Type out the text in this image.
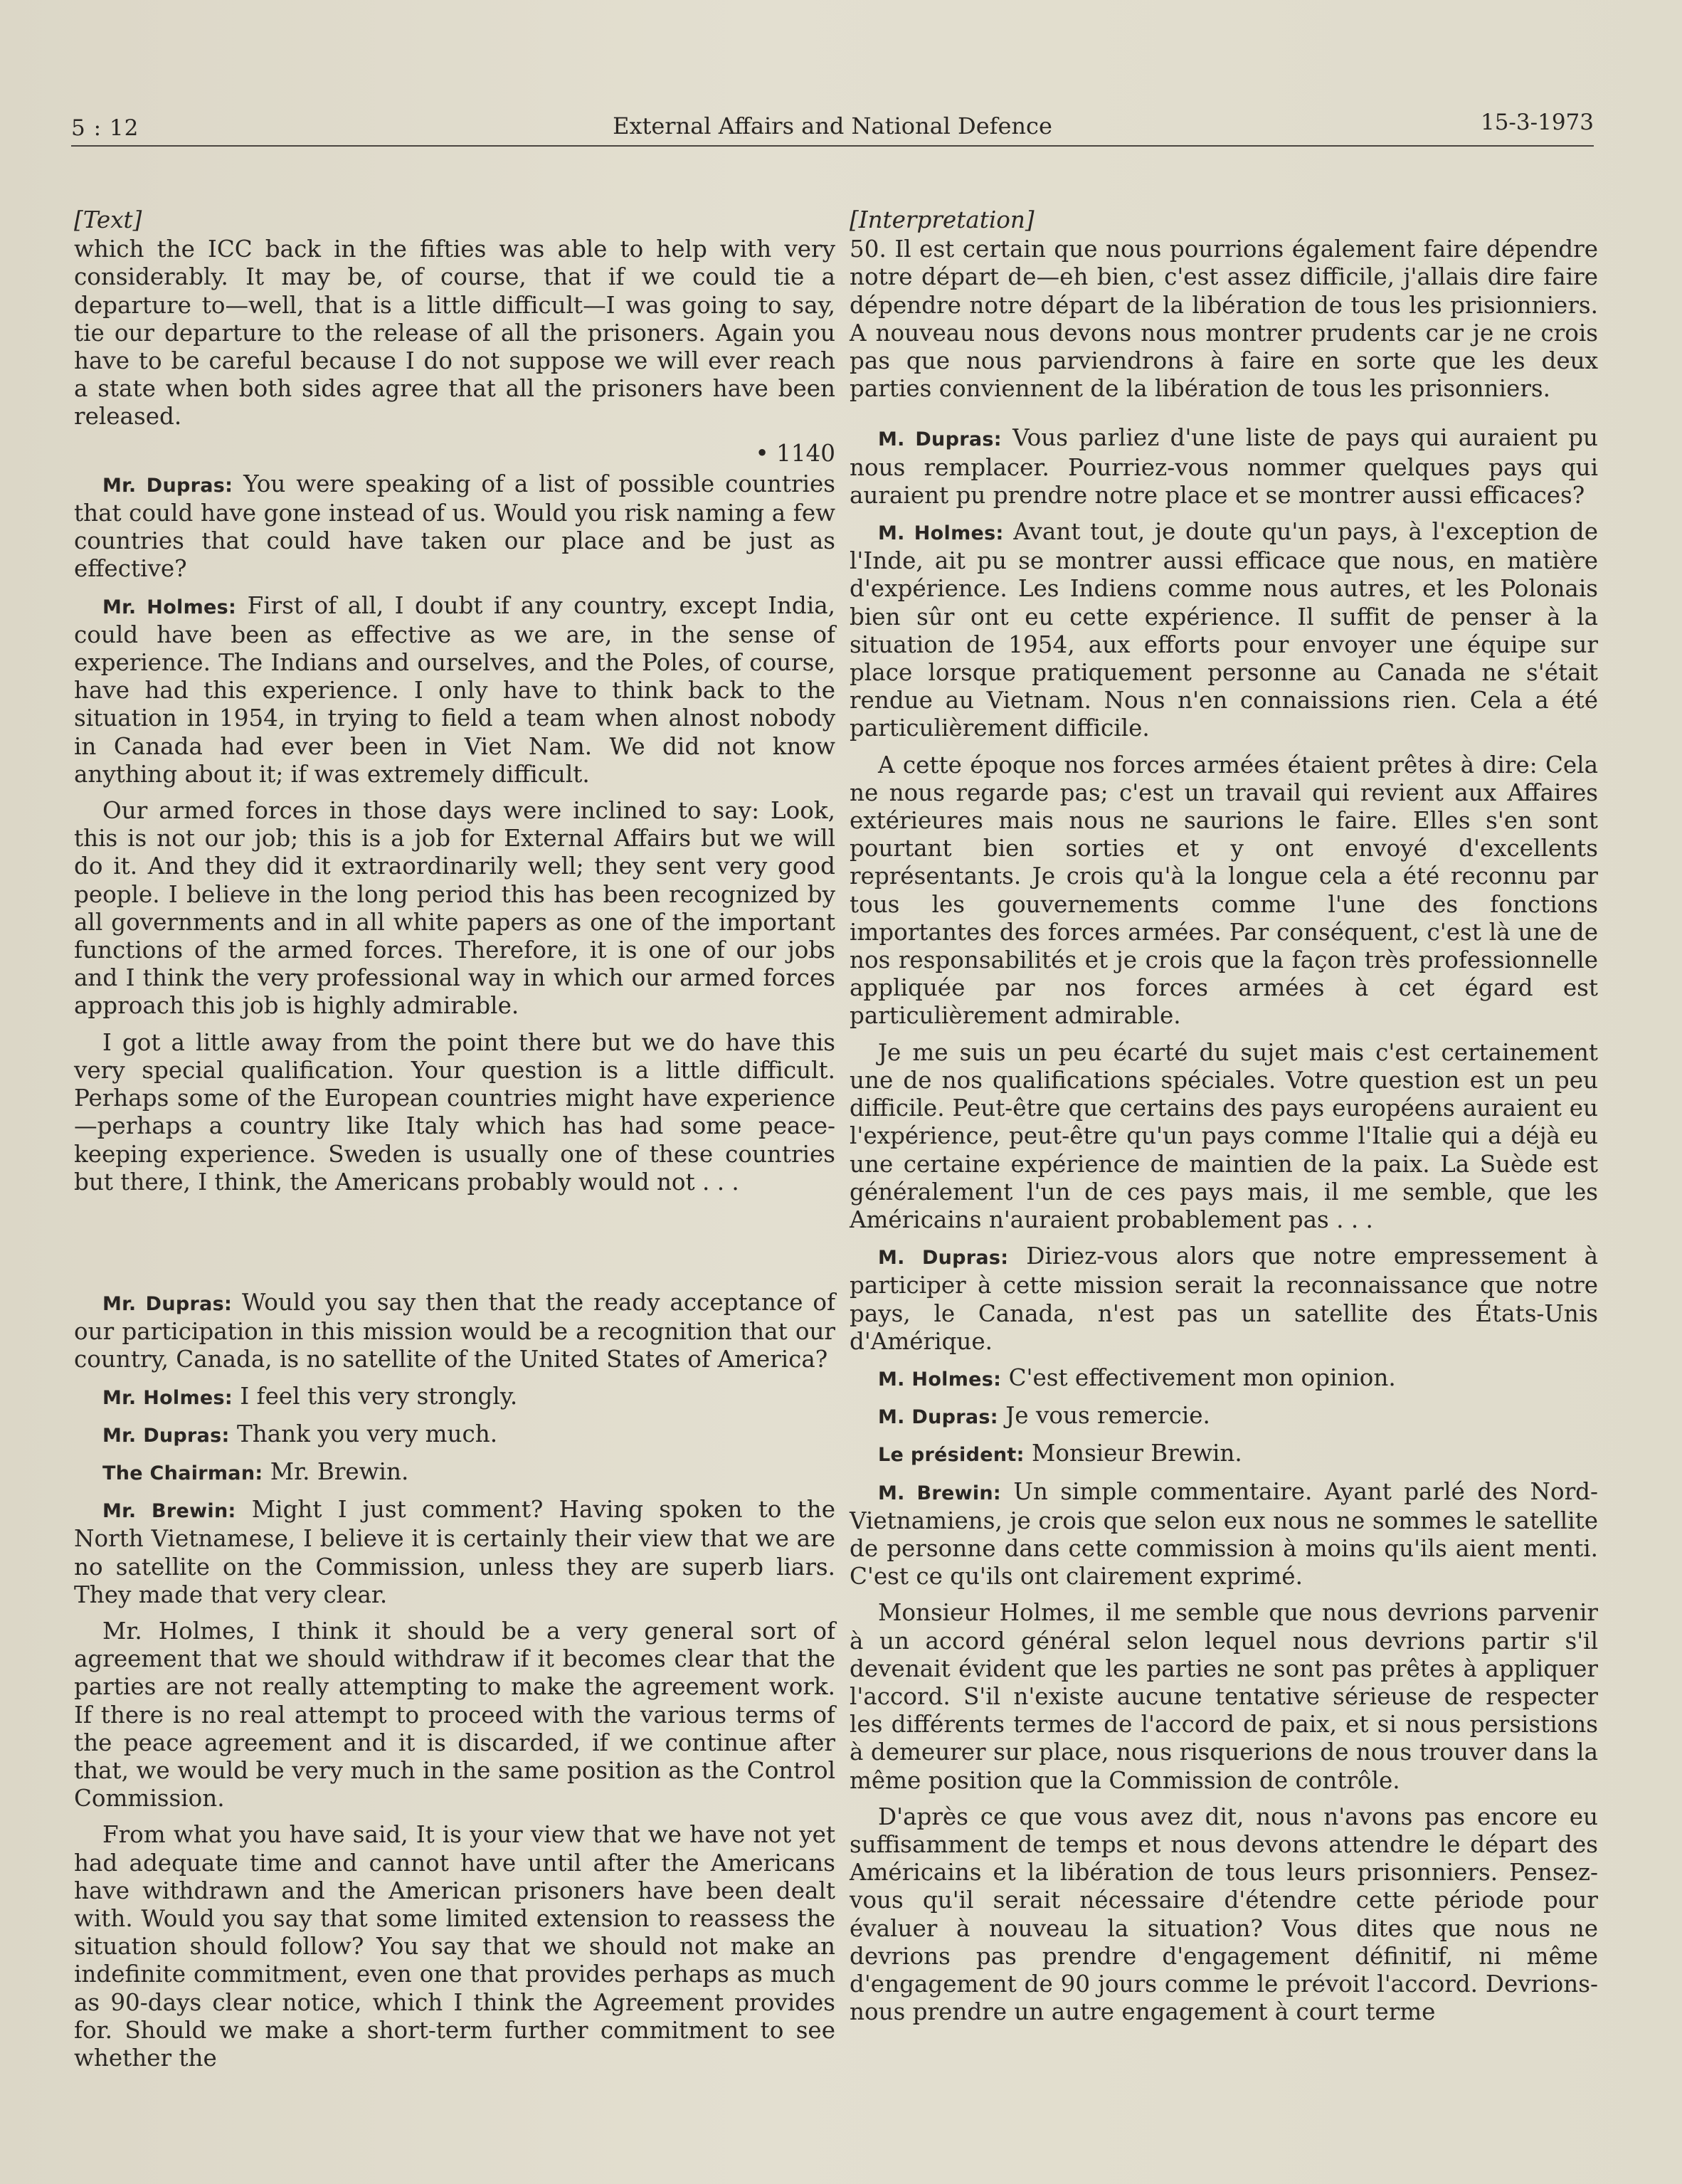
5 : 12	External Affairs and National Defence	15-3-1973
[Text]

which the ICC back in the fifties was able to help with very considerably. It may be, of course, that if we could tie a departure to—well, that is a little difficult—I was going to say, tie our departure to the release of all the prisoners. Again you have to be careful because I do not suppose we will ever reach a state when both sides agree that all the prisoners have been released.

• 1140

Mr. Dupras: You were speaking of a list of possible countries that could have gone instead of us. Would you risk naming a few countries that could have taken our place and be just as effective?

Mr. Holmes: First of all, I doubt if any country, except India, could have been as effective as we are, in the sense of experience. The Indians and ourselves, and the Poles, of course, have had this experience. I only have to think back to the situation in 1954, in trying to field a team when alnost nobody in Canada had ever been in Viet Nam. We did not know anything about it; if was extremely difficult.

Our armed forces in those days were inclined to say: Look, this is not our job; this is a job for External Affairs but we will do it. And they did it extraordinarily well; they sent very good people. I believe in the long period this has been recognized by all governments and in all white papers as one of the important functions of the armed forces. Therefore, it is one of our jobs and I think the very professional way in which our armed forces approach this job is highly admirable.

I got a little away from the point there but we do have this very special qualification. Your question is a little difficult. Perhaps some of the European countries might have experience—perhaps a country like Italy which has had some peace-keeping experience. Sweden is usually one of these countries but there, I think, the Americans probably would not . . .

Mr. Dupras: Would you say then that the ready acceptance of our participation in this mission would be a recognition that our country, Canada, is no satellite of the United States of America?

Mr. Holmes: I feel this very strongly.

Mr. Dupras: Thank you very much.

The Chairman: Mr. Brewin.

Mr. Brewin: Might I just comment? Having spoken to the North Vietnamese, I believe it is certainly their view that we are no satellite on the Commission, unless they are superb liars. They made that very clear.

Mr. Holmes, I think it should be a very general sort of agreement that we should withdraw if it becomes clear that the parties are not really attempting to make the agreement work. If there is no real attempt to proceed with the various terms of the peace agreement and it is discarded, if we continue after that, we would be very much in the same position as the Control Commission.

From what you have said, It is your view that we have not yet had adequate time and cannot have until after the Americans have withdrawn and the American prisoners have been dealt with. Would you say that some limited extension to reassess the situation should follow? You say that we should not make an indefinite commitment, even one that provides perhaps as much as 90-days clear notice, which I think the Agreement provides for. Should we make a short-term further commitment to see whether the

[Interpretation]

50. Il est certain que nous pourrions également faire dépendre notre départ de—eh bien, c'est assez difficile, j'allais dire faire dépendre notre départ de la libération de tous les prisionniers. A nouveau nous devons nous montrer prudents car je ne crois pas que nous parviendrons à faire en sorte que les deux parties conviennent de la libération de tous les prisonniers.

M. Dupras: Vous parliez d'une liste de pays qui auraient pu nous remplacer. Pourriez-vous nommer quelques pays qui auraient pu prendre notre place et se montrer aussi efficaces?

M. Holmes: Avant tout, je doute qu'un pays, à l'exception de l'Inde, ait pu se montrer aussi efficace que nous, en matière d'expérience. Les Indiens comme nous autres, et les Polonais bien sûr ont eu cette expérience. Il suffit de penser à la situation de 1954, aux efforts pour envoyer une équipe sur place lorsque pratiquement personne au Canada ne s'était rendue au Vietnam. Nous n'en connaissions rien. Cela a été particulièrement difficile.

A cette époque nos forces armées étaient prêtes à dire: Cela ne nous regarde pas; c'est un travail qui revient aux Affaires extérieures mais nous ne saurions le faire. Elles s'en sont pourtant bien sorties et y ont envoyé d'excellents représentants. Je crois qu'à la longue cela a été reconnu par tous les gouvernements comme l'une des fonctions importantes des forces armées. Par conséquent, c'est là une de nos responsabilités et je crois que la façon très professionnelle appliquée par nos forces armées à cet égard est particulièrement admirable.

Je me suis un peu écarté du sujet mais c'est certainement une de nos qualifications spéciales. Votre question est un peu difficile. Peut-être que certains des pays européens auraient eu l'expérience, peut-être qu'un pays comme l'Italie qui a déjà eu une certaine expérience de maintien de la paix. La Suède est généralement l'un de ces pays mais, il me semble, que les Américains n'auraient probablement pas . . .

M. Dupras: Diriez-vous alors que notre empressement à participer à cette mission serait la reconnaissance que notre pays, le Canada, n'est pas un satellite des États-Unis d'Amérique.

M. Holmes: C'est effectivement mon opinion.

M. Dupras: Je vous remercie.

Le président: Monsieur Brewin.

M. Brewin: Un simple commentaire. Ayant parlé des Nord-Vietnamiens, je crois que selon eux nous ne sommes le satellite de personne dans cette commission à moins qu'ils aient menti. C'est ce qu'ils ont clairement exprimé.

Monsieur Holmes, il me semble que nous devrions parvenir à un accord général selon lequel nous devrions partir s'il devenait évident que les parties ne sont pas prêtes à appliquer l'accord. S'il n'existe aucune tentative sérieuse de respecter les différents termes de l'accord de paix, et si nous persistions à demeurer sur place, nous risquerions de nous trouver dans la même position que la Commission de contrôle.

D'après ce que vous avez dit, nous n'avons pas encore eu suffisamment de temps et nous devons attendre le départ des Américains et la libération de tous leurs prisonniers. Pensez-vous qu'il serait nécessaire d'étendre cette période pour évaluer à nouveau la situation? Vous dites que nous ne devrions pas prendre d'engagement définitif, ni même d'engagement de 90 jours comme le prévoit l'accord. Devrions-nous prendre un autre engagement à court terme
